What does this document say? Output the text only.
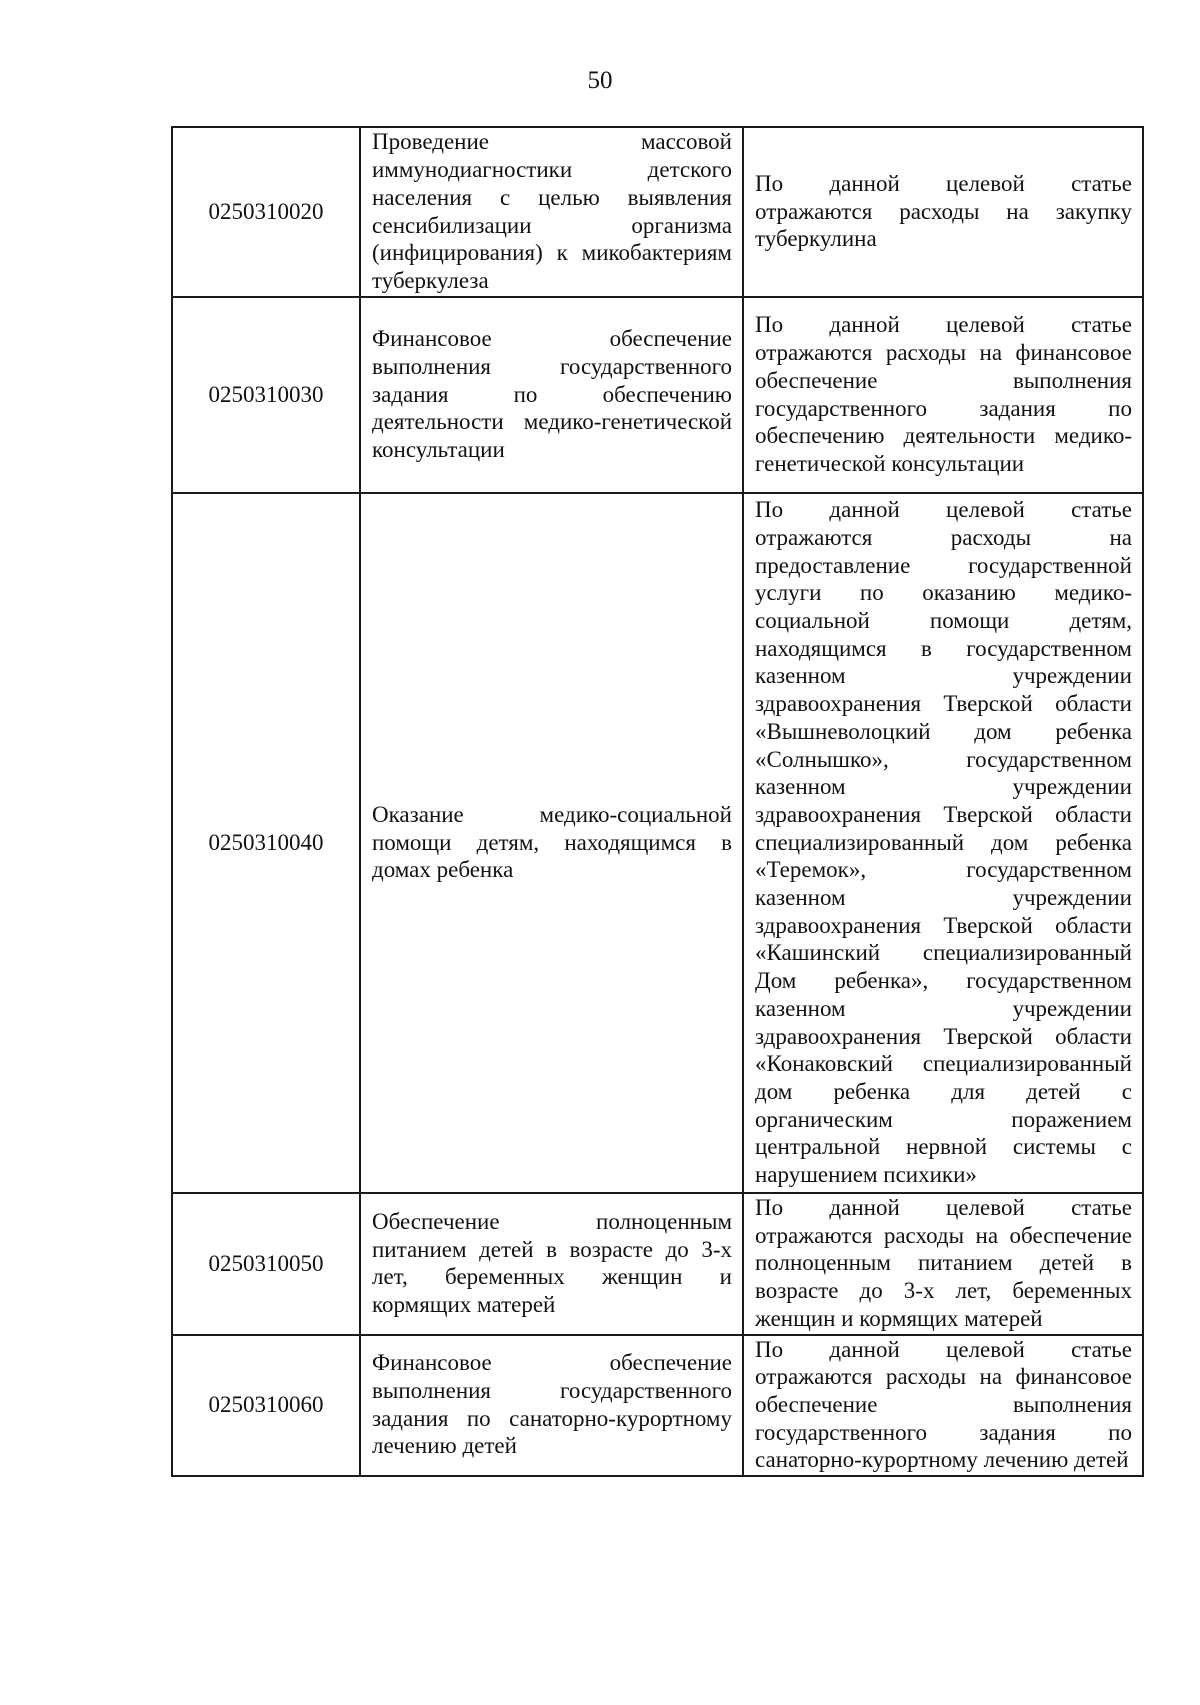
50
0250310020	Проведение массовой иммунодиагностики детского населения с целью выявления сенсибилизации организма (инфицирования) к микобактериям туберкулеза	По данной целевой статье отражаются расходы на закупку туберкулина
0250310030	Финансовое обеспечение выполнения государственного задания по обеспечению деятельности медико-генетической консультации	По данной целевой статье отражаются расходы на финансовое обеспечение выполнения государственного задания по обеспечению деятельности медико-генетической консультации
0250310040	Оказание медико-социальной помощи детям, находящимся в домах ребенка	По данной целевой статье отражаются расходы на предоставление государственной услуги по оказанию медико-социальной помощи детям, находящимся в государственном казенном учреждении здравоохранения Тверской области «Вышневолоцкий дом ребенка «Солнышко», государственном казенном учреждении здравоохранения Тверской области специализированный дом ребенка «Теремок», государственном казенном учреждении здравоохранения Тверской области «Кашинский специализированный Дом ребенка», государственном казенном учреждении здравоохранения Тверской области «Конаковский специализированный дом ребенка для детей с органическим поражением центральной нервной системы с нарушением психики»
0250310050	Обеспечение полноценным питанием детей в возрасте до 3-х лет, беременных женщин и кормящих матерей	По данной целевой статье отражаются расходы на обеспечение полноценным питанием детей в возрасте до 3-х лет, беременных женщин и кормящих матерей
0250310060	Финансовое обеспечение выполнения государственного задания по санаторно-курортному лечению детей	По данной целевой статье отражаются расходы на финансовое обеспечение выполнения государственного задания по санаторно-курортному лечению детей
